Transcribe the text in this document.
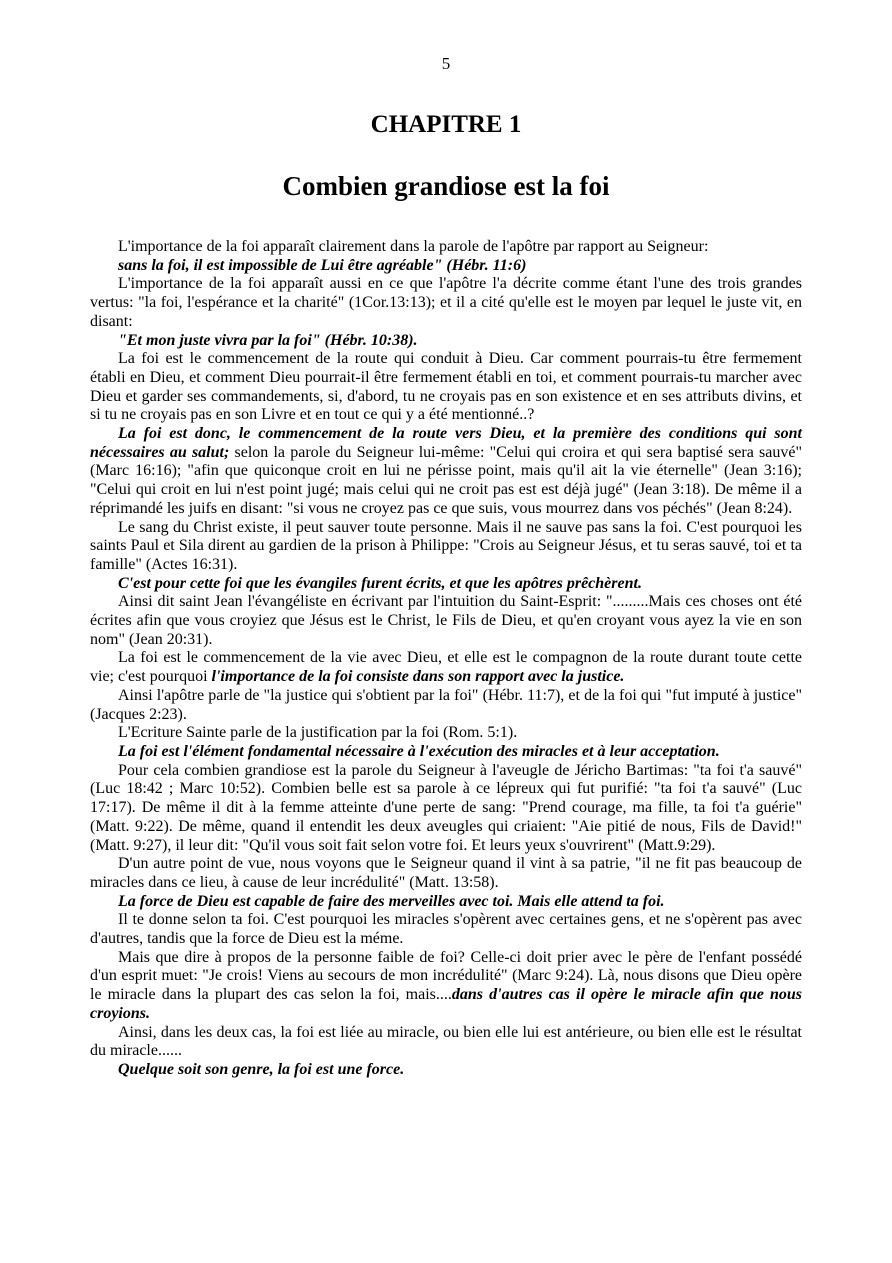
5
CHAPITRE 1
Combien grandiose est la foi

L'importance de la foi apparaît clairement dans la parole de l'apôtre par rapport au Seigneur:

sans la foi, il est impossible de Lui être agréable" (Hébr. 11:6)

L'importance de la foi apparaît aussi en ce que l'apôtre l'a décrite comme étant l'une des trois grandes vertus: "la foi, l'espérance et la charité" (1Cor.13:13); et il a cité qu'elle est le moyen par lequel le juste vit, en disant:

"Et mon juste vivra par la foi" (Hébr. 10:38).

La foi est le commencement de la route qui conduit à Dieu. Car comment pourrais-tu être fermement établi en Dieu, et comment Dieu pourrait-il être fermement établi en toi, et comment pourrais-tu marcher avec Dieu et garder ses commandements, si, d'abord, tu ne croyais pas en son existence et en ses attributs divins, et si tu ne croyais pas en son Livre et en tout ce qui y a été mentionné..?

La foi est donc, le commencement de la route vers Dieu, et la première des conditions qui sont nécessaires au salut; selon la parole du Seigneur lui-même: "Celui qui croira et qui sera baptisé sera sauvé" (Marc 16:16); "afin que quiconque croit en lui ne périsse point, mais qu'il ait la vie éternelle" (Jean 3:16); "Celui qui croit en lui n'est point jugé; mais celui qui ne croit pas est est déjà jugé" (Jean 3:18). De même il a réprimandé les juifs en disant: "si vous ne croyez pas ce que suis, vous mourrez dans vos péchés" (Jean 8:24).

Le sang du Christ existe, il peut sauver toute personne. Mais il ne sauve pas sans la foi. C'est pourquoi les saints Paul et Sila dirent au gardien de la prison à Philippe: "Crois au Seigneur Jésus, et tu seras sauvé, toi et ta famille" (Actes 16:31).

C'est pour cette foi que les évangiles furent écrits, et que les apôtres prêchèrent.

Ainsi dit saint Jean l'évangéliste en écrivant par l'intuition du Saint-Esprit: ".........Mais ces choses ont été écrites afin que vous croyiez que Jésus est le Christ, le Fils de Dieu, et qu'en croyant vous ayez la vie en son nom" (Jean 20:31).

La foi est le commencement de la vie avec Dieu, et elle est le compagnon de la route durant toute cette vie; c'est pourquoi l'importance de la foi consiste dans son rapport avec la justice.

Ainsi l'apôtre parle de "la justice qui s'obtient par la foi" (Hébr. 11:7), et de la foi qui "fut imputé à justice" (Jacques 2:23).

L'Ecriture Sainte parle de la justification par la foi (Rom. 5:1).

La foi est l'élément fondamental nécessaire à l'exécution des miracles et à leur acceptation.

Pour cela combien grandiose est la parole du Seigneur à l'aveugle de Jéricho Bartimas: "ta foi t'a sauvé" (Luc 18:42 ; Marc 10:52). Combien belle est sa parole à ce lépreux qui fut purifié: "ta foi t'a sauvé" (Luc 17:17). De même il dit à la femme atteinte d'une perte de sang: "Prend courage, ma fille, ta foi t'a guérie" (Matt. 9:22). De même, quand il entendit les deux aveugles qui criaient: "Aie pitié de nous, Fils de David!" (Matt. 9:27), il leur dit: "Qu'il vous soit fait selon votre foi. Et leurs yeux s'ouvrirent" (Matt.9:29).

D'un autre point de vue, nous voyons que le Seigneur quand il vint à sa patrie, "il ne fit pas beaucoup de miracles dans ce lieu, à cause de leur incrédulité" (Matt. 13:58).

La force de Dieu est capable de faire des merveilles avec toi. Mais elle attend ta foi.

Il te donne selon ta foi. C'est pourquoi les miracles s'opèrent avec certaines gens, et ne s'opèrent pas avec d'autres, tandis que la force de Dieu est la méme.

Mais que dire à propos de la personne faible de foi? Celle-ci doit prier avec le père de l'enfant possédé d'un esprit muet: "Je crois! Viens au secours de mon incrédulité" (Marc 9:24). Là, nous disons que Dieu opère le miracle dans la plupart des cas selon la foi, mais....dans d'autres cas il opère le miracle afin que nous croyions.

Ainsi, dans les deux cas, la foi est liée au miracle, ou bien elle lui est antérieure, ou bien elle est le résultat du miracle......

Quelque soit son genre, la foi est une force.
